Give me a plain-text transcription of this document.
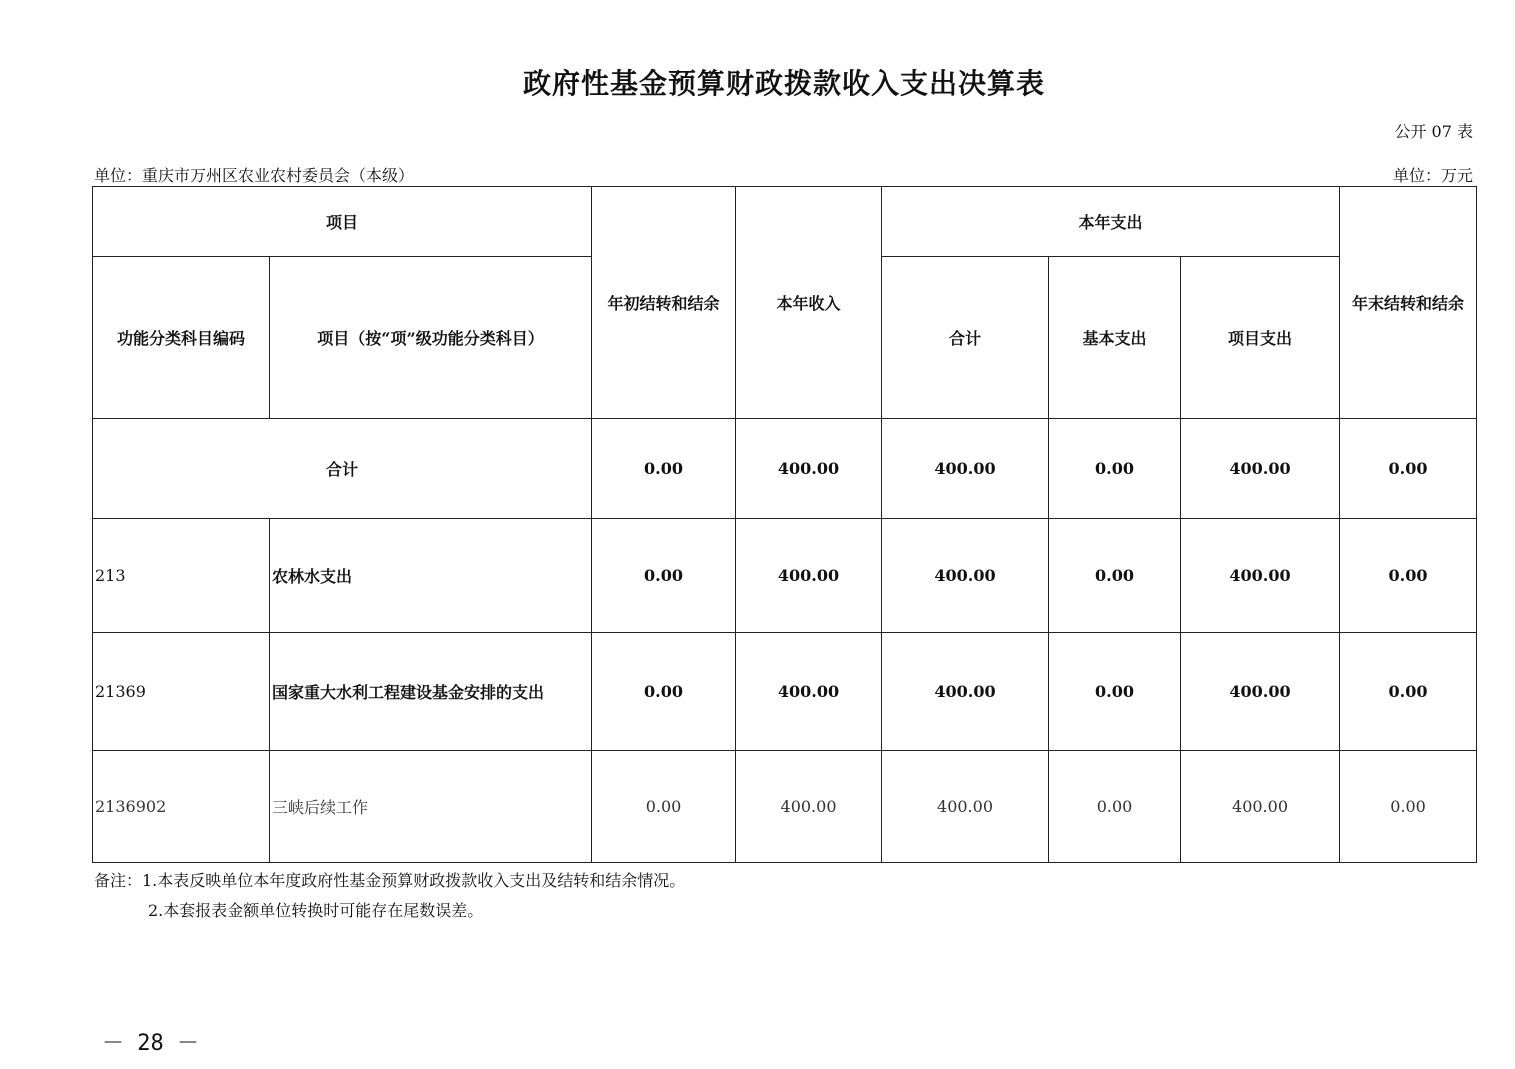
政府性基金预算财政拨款收入支出决算表
公开 07 表
单位：重庆市万州区农业农村委员会（本级）	单位：万元
项目		年初结转和结余	本年收入	本年支出			年末结转和结余
功能分类科目编码	项目（按“项”级功能分类科目）			合计	基本支出	项目支出	
合计		0.00	400.00	400.00	0.00	400.00	0.00
213	农林水支出	0.00	400.00	400.00	0.00	400.00	0.00
21369	国家重大水利工程建设基金安排的支出	0.00	400.00	400.00	0.00	400.00	0.00
2136902	三峡后续工作	0.00	400.00	400.00	0.00	400.00	0.00
备注：1.本表反映单位本年度政府性基金预算财政拨款收入支出及结转和结余情况。
2.本套报表金额单位转换时可能存在尾数误差。
－ 28 －
